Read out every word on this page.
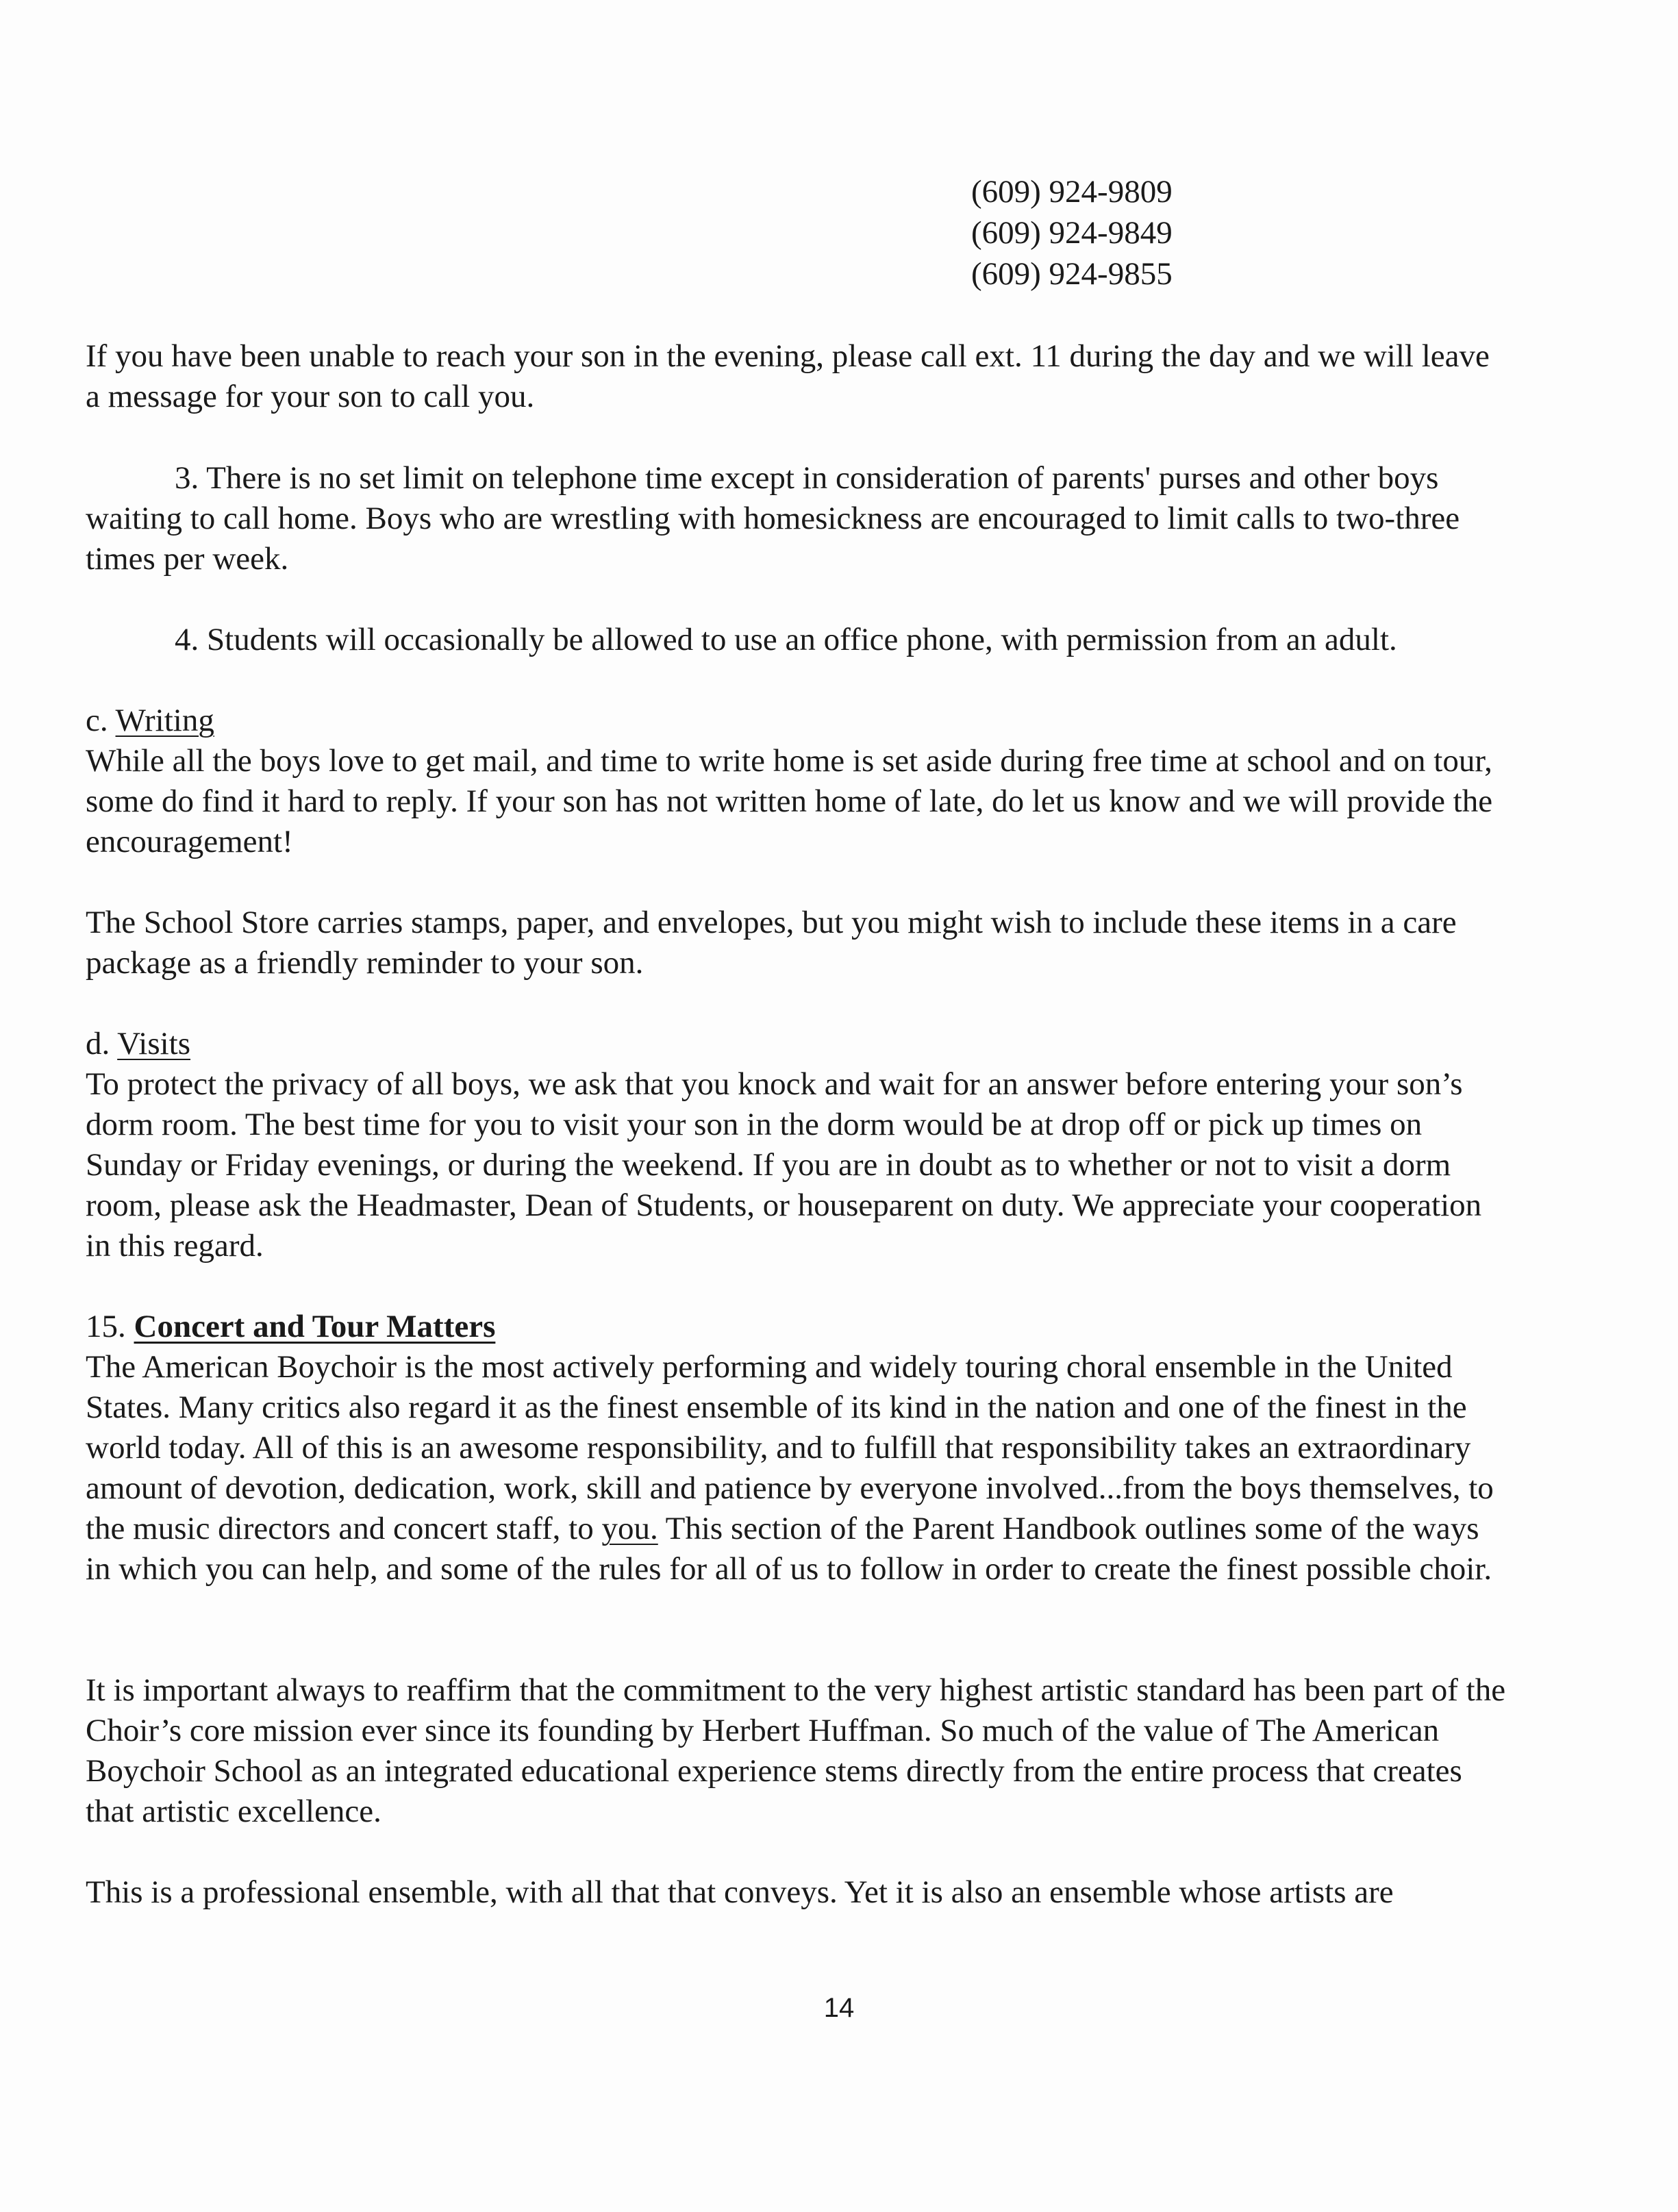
(609) 924-9809
(609) 924-9849
(609) 924-9855

If you have been unable to reach your son in the evening, please call ext. 11 during the day and we will leave a message for your son to call you.

3. There is no set limit on telephone time except in consideration of parents' purses and other boys waiting to call home. Boys who are wrestling with homesickness are encouraged to limit calls to two-three times per week.

4. Students will occasionally be allowed to use an office phone, with permission from an adult.

c. Writing

While all the boys love to get mail, and time to write home is set aside during free time at school and on tour, some do find it hard to reply. If your son has not written home of late, do let us know and we will provide the encouragement!

The School Store carries stamps, paper, and envelopes, but you might wish to include these items in a care package as a friendly reminder to your son.

d. Visits

To protect the privacy of all boys, we ask that you knock and wait for an answer before entering your son’s dorm room. The best time for you to visit your son in the dorm would be at drop off or pick up times on Sunday or Friday evenings, or during the weekend. If you are in doubt as to whether or not to visit a dorm room, please ask the Headmaster, Dean of Students, or houseparent on duty. We appreciate your cooperation in this regard.

15. Concert and Tour Matters

The American Boychoir is the most actively performing and widely touring choral ensemble in the United States. Many critics also regard it as the finest ensemble of its kind in the nation and one of the finest in the world today. All of this is an awesome responsibility, and to fulfill that responsibility takes an extraordinary amount of devotion, dedication, work, skill and patience by everyone involved...from the boys themselves, to the music directors and concert staff, to you. This section of the Parent Handbook outlines some of the ways in which you can help, and some of the rules for all of us to follow in order to create the finest possible choir.

It is important always to reaffirm that the commitment to the very highest artistic standard has been part of the Choir’s core mission ever since its founding by Herbert Huffman. So much of the value of The American Boychoir School as an integrated educational experience stems directly from the entire process that creates that artistic excellence.

This is a professional ensemble, with all that that conveys. Yet it is also an ensemble whose artists are

14
